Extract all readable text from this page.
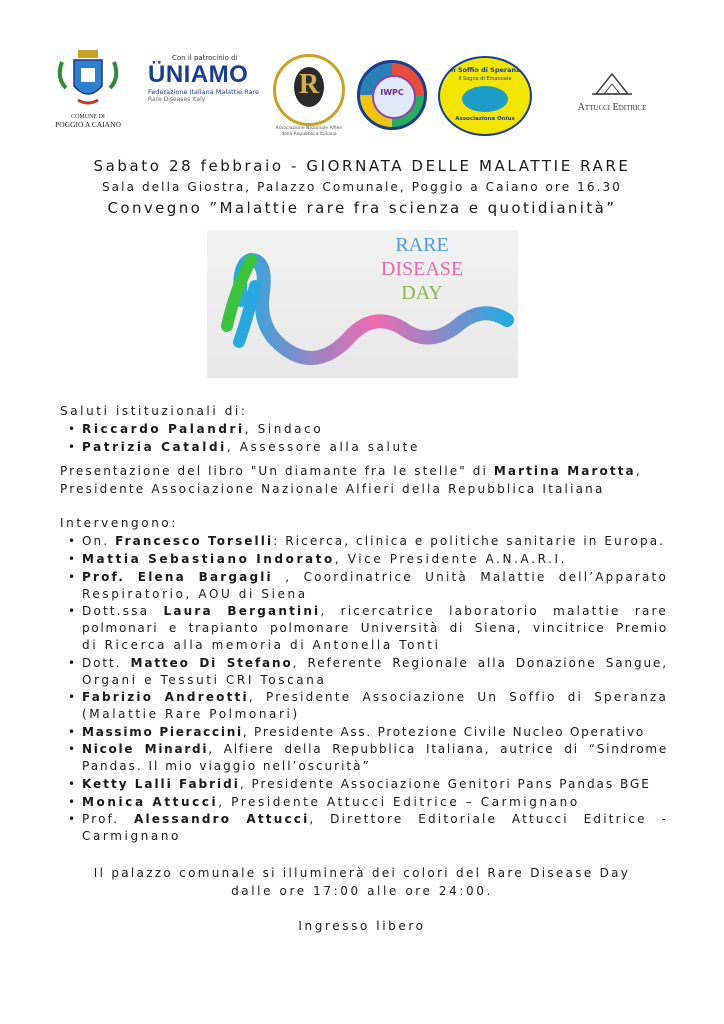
COMUNE DI
POGGIO A CAIANO
Con il patrocinio di
ÜNIAMO
Federazione Italiana Malattie Rare
Rare Diseases Italy	R
Associazione Nazionale Alfieri della Repubblica Italiana
IWPC
Un Soffio di Speranza
Il Sogno di Emanuele
Associazione Onlus
Attucci Editrice
Sabato 28 febbraio - GIORNATA DELLE MALATTIE RARE
Sala della Giostra, Palazzo Comunale, Poggio a Caiano ore 16.30
Convegno ”Malattie rare fra scienza e quotidianità”
RARE
DISEASE
DAY
Saluti istituzionali di:
• Riccardo Palandri, Sindaco
• Patrizia Cataldi, Assessore alla salute
Presentazione del libro "Un diamante fra le stelle" di Martina Marotta,
Presidente Associazione Nazionale Alfieri della Repubblica Italiana
Intervengono:
• On. Francesco Torselli: Ricerca, clinica e politiche sanitarie in Europa.
• Mattia Sebastiano Indorato, Vice Presidente A.N.A.R.I.
• Prof. Elena Bargagli , Coordinatrice Unità Malattie dell’Apparato
Respiratorio, AOU di Siena
• Dott.ssa Laura Bergantini, ricercatrice laboratorio malattie rare
polmonari e trapianto polmonare Università di Siena, vincitrice Premio
di Ricerca alla memoria di Antonella Tonti
• Dott. Matteo Di Stefano, Referente Regionale alla Donazione Sangue,
Organi e Tessuti CRI Toscana
• Fabrizio Andreotti, Presidente Associazione Un Soffio di Speranza
(Malattie Rare Polmonari)
• Massimo Pieraccini, Presidente Ass. Protezione Civile Nucleo Operativo
• Nicole Minardi, Alfiere della Repubblica Italiana, autrice di “Sindrome
Pandas. Il mio viaggio nell’oscurità”
• Ketty Lalli Fabridi, Presidente Associazione Genitori Pans Pandas BGE
• Monica Attucci, Presidente Attucci Editrice – Carmignano
• Prof. Alessandro Attucci, Direttore Editoriale Attucci Editrice -
Carmignano
Il palazzo comunale si illuminerà dei colori del Rare Disease Day
dalle ore 17:00 alle ore 24:00.
Ingresso libero
